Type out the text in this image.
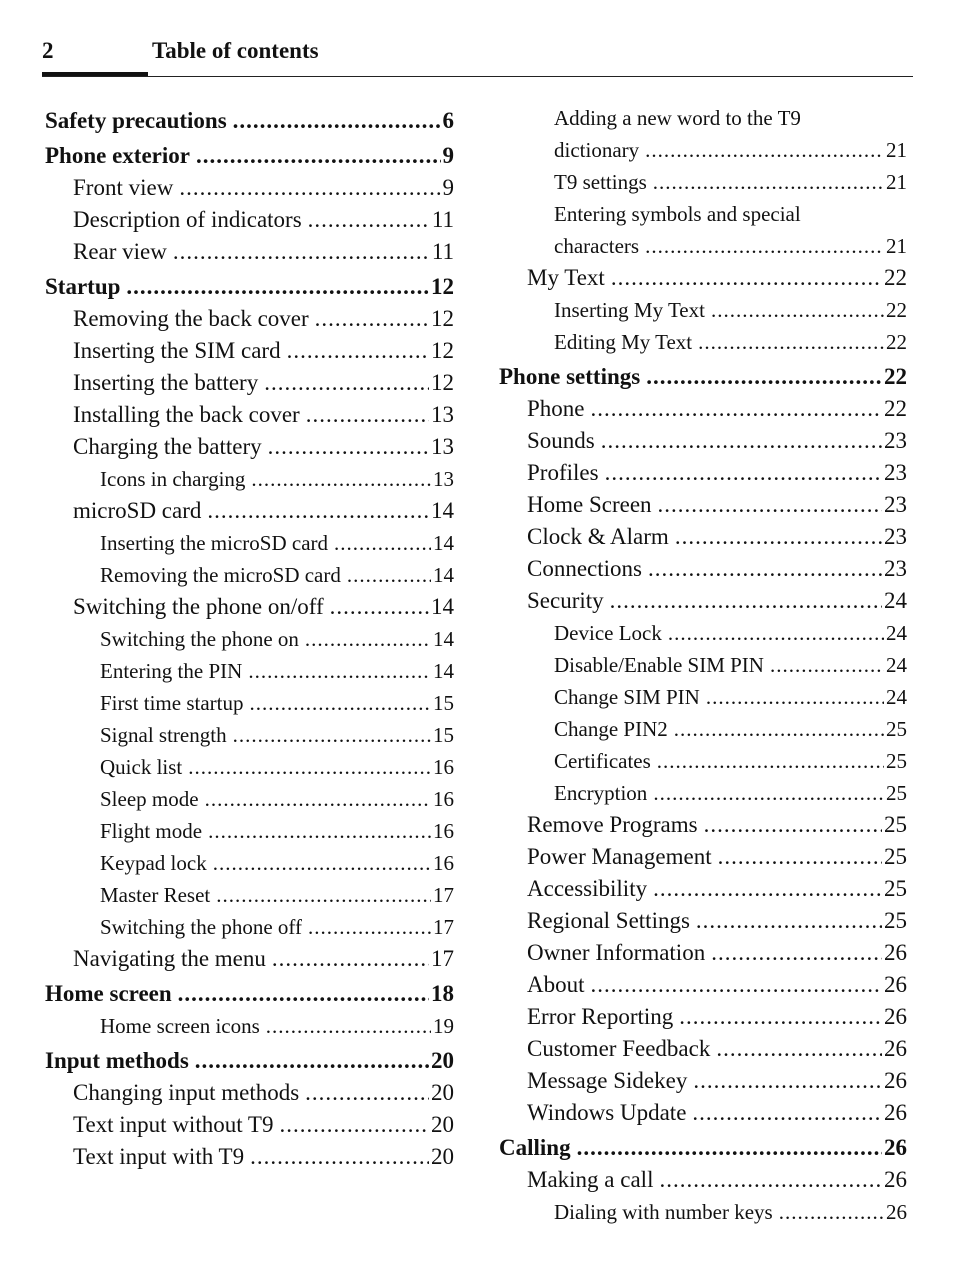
2	Table of contents
Safety precautions .....	6
Phone exterior .....	9
Front view .....	9
Description of indicators .....	11
Rear view .....	11
Startup .....	12
Removing the back cover .....	12
Inserting the SIM card .....	12
Inserting the battery .....	12
Installing the back cover .....	13
Charging the battery .....	13
Icons in charging .....	13
microSD card .....	14
Inserting the microSD card .....	14
Removing the microSD card .....	14
Switching the phone on/off .....	14
Switching the phone on .....	14
Entering the PIN .....	14
First time startup .....	15
Signal strength .....	15
Quick list .....	16
Sleep mode .....	16
Flight mode .....	16
Keypad lock .....	16
Master Reset .....	17
Switching the phone off .....	17
Navigating the menu .....	17
Home screen .....	18
Home screen icons .....	19
Input methods .....	20
Changing input methods .....	20
Text input without T9 .....	20
Text input with T9 .....	20
Adding a new word to the T9
dictionary .....	21
T9 settings .....	21
Entering symbols and special
characters .....	21
My Text .....	22
Inserting My Text .....	22
Editing My Text .....	22
Phone settings .....	22
Phone .....	22
Sounds .....	23
Profiles .....	23
Home Screen .....	23
Clock & Alarm .....	23
Connections .....	23
Security .....	24
Device Lock .....	24
Disable/Enable SIM PIN .....	24
Change SIM PIN .....	24
Change PIN2 .....	25
Certificates .....	25
Encryption .....	25
Remove Programs .....	25
Power Management .....	25
Accessibility .....	25
Regional Settings .....	25
Owner Information .....	26
About .....	26
Error Reporting .....	26
Customer Feedback .....	26
Message Sidekey .....	26
Windows Update .....	26
Calling .....	26
Making a call .....	26
Dialing with number keys .....	26
